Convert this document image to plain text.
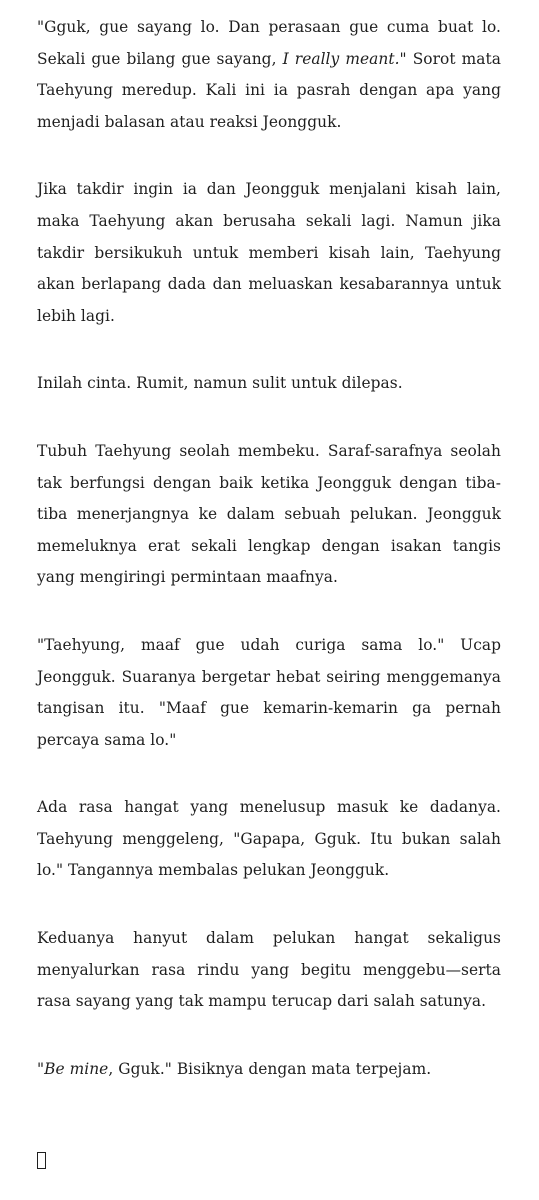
"Gguk, gue sayang lo. Dan perasaan gue cuma buat lo. Sekali gue bilang gue sayang, I really meant." Sorot mata Taehyung meredup. Kali ini ia pasrah dengan apa yang menjadi balasan atau reaksi Jeongguk.

Jika takdir ingin ia dan Jeongguk menjalani kisah lain, maka Taehyung akan berusaha sekali lagi. Namun jika takdir bersikukuh untuk memberi kisah lain, Taehyung akan berlapang dada dan meluaskan kesabarannya untuk lebih lagi.

Inilah cinta. Rumit, namun sulit untuk dilepas.

Tubuh Taehyung seolah membeku. Saraf-sarafnya seolah tak berfungsi dengan baik ketika Jeongguk dengan tiba-tiba menerjangnya ke dalam sebuah pelukan. Jeongguk memeluknya erat sekali lengkap dengan isakan tangis yang mengiringi permintaan maafnya.

"Taehyung, maaf gue udah curiga sama lo." Ucap Jeongguk. Suaranya bergetar hebat seiring menggemanya tangisan itu. "Maaf gue kemarin-kemarin ga pernah percaya sama lo."

Ada rasa hangat yang menelusup masuk ke dadanya. Taehyung menggeleng, "Gapapa, Gguk. Itu bukan salah lo." Tangannya membalas pelukan Jeongguk.

Keduanya hanyut dalam pelukan hangat sekaligus menyalurkan rasa rindu yang begitu menggebu—serta rasa sayang yang tak mampu terucap dari salah satunya.

"Be mine, Gguk." Bisiknya dengan mata terpejam.
